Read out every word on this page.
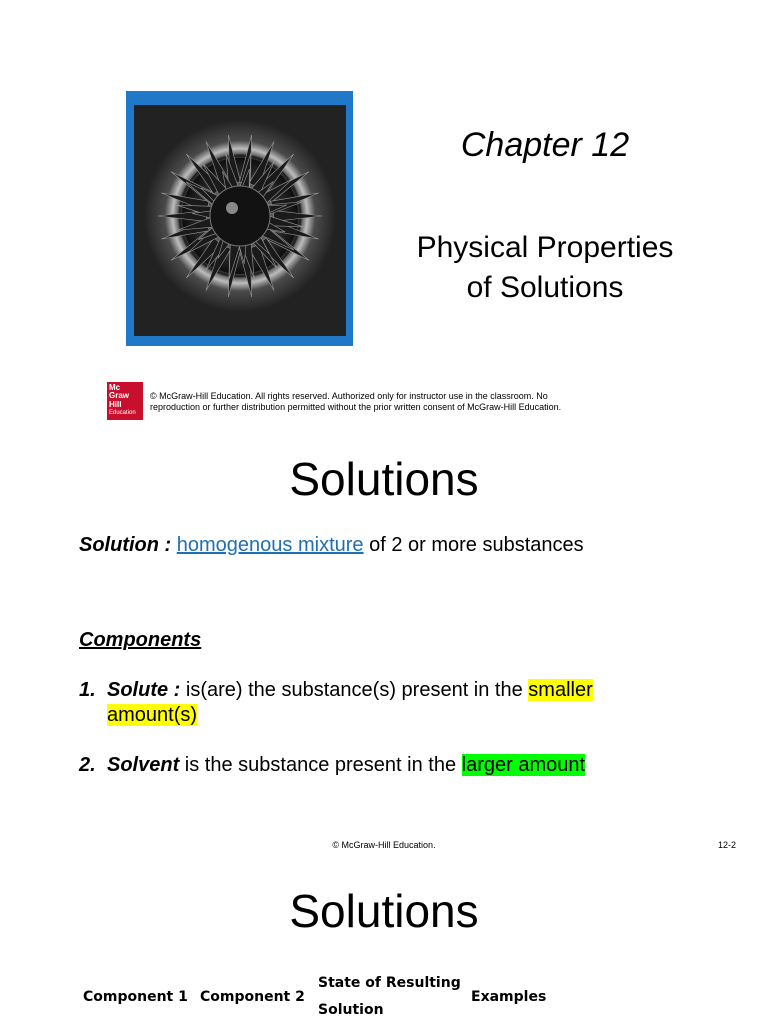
Chapter 12
Physical Properties
of Solutions
Mc
Graw
Hill
Education

© McGraw-Hill Education. All rights reserved. Authorized only for instructor use in the classroom. No

reproduction or further distribution permitted without the prior written consent of McGraw-Hill Education.

Solutions
Solution : homogenous mixture of 2 or more substances
Components
1. Solute : is(are) the substance(s) present in the smaller
amount(s)
2. Solvent is the substance present in the larger amount
© McGraw-Hill Education.	12-2
Solutions
Component 1 Component 2
State of Resulting
Solution
Examples
